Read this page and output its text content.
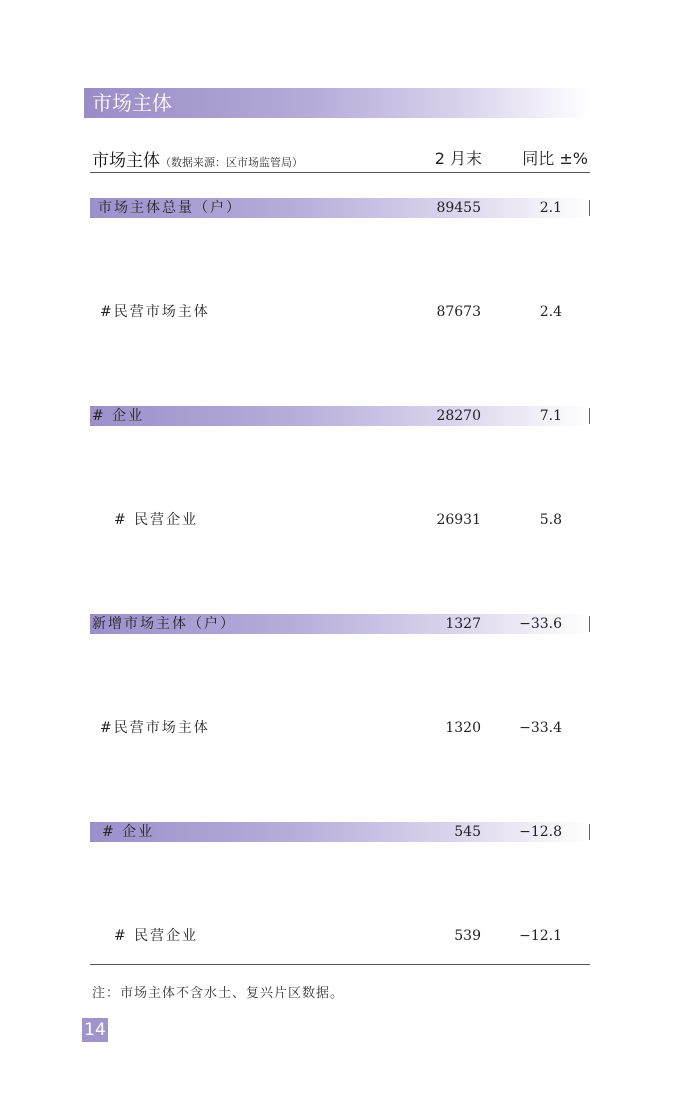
市场主体
市场主体（数据来源：区市场监管局）	2 月末	同比 ±%
市场主体总量（户）	89455	2.1
#民营市场主体	87673	2.4
# 企业	28270	7.1
# 民营企业	26931	5.8
新增市场主体（户）	1327	−33.6
#民营市场主体	1320	−33.4
# 企业	545	−12.8
# 民营企业	539	−12.1
注：市场主体不含水土、复兴片区数据。
14
